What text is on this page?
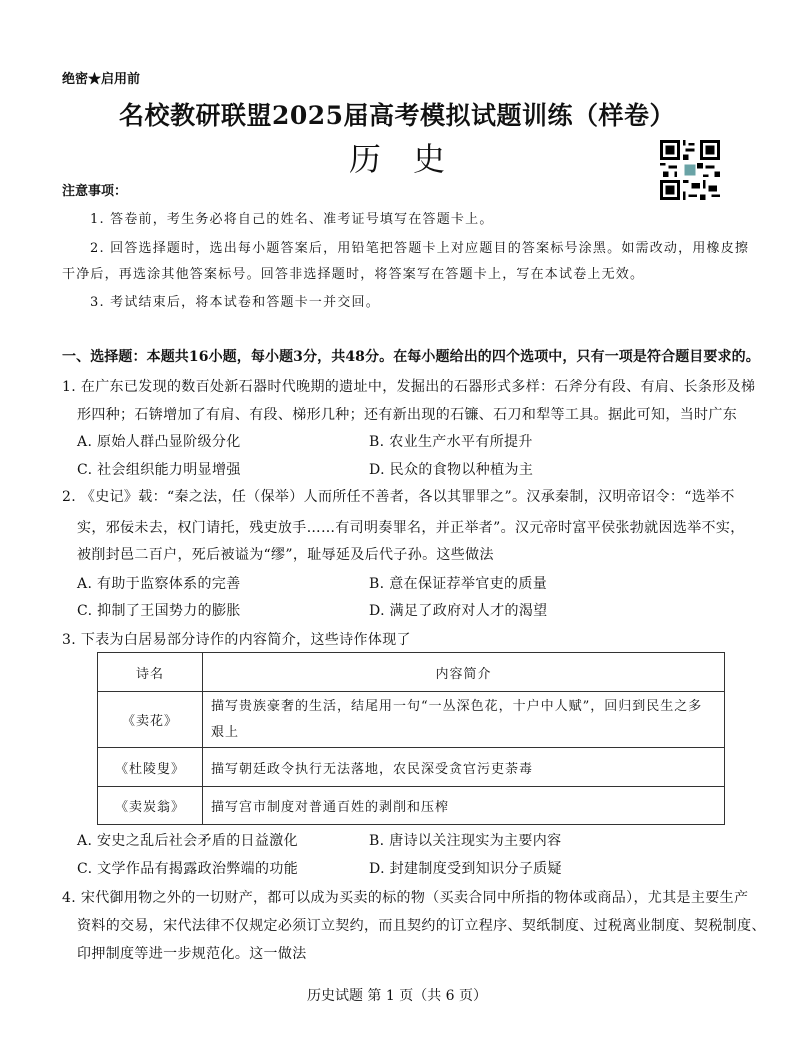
绝密★启用前
名校教研联盟2025届高考模拟试题训练（样卷）
历　史
注意事项：
1. 答卷前，考生务必将自己的姓名、准考证号填写在答题卡上。
2. 回答选择题时，选出每小题答案后，用铅笔把答题卡上对应题目的答案标号涂黑。如需改动，用橡皮擦
干净后，再选涂其他答案标号。回答非选择题时，将答案写在答题卡上，写在本试卷上无效。
3. 考试结束后，将本试卷和答题卡一并交回。
一、选择题：本题共16小题，每小题3分，共48分。在每小题给出的四个选项中，只有一项是符合题目要求的。
1. 在广东已发现的数百处新石器时代晚期的遗址中，发掘出的石器形式多样：石斧分有段、有肩、长条形及梯
形四种；石锛增加了有肩、有段、梯形几种；还有新出现的石镰、石刀和犁等工具。据此可知，当时广东
A. 原始人群凸显阶级分化	B. 农业生产水平有所提升
C. 社会组织能力明显增强	D. 民众的食物以种植为主
2. 《史记》载：“秦之法，任（保举）人而所任不善者，各以其罪罪之”。汉承秦制，汉明帝诏令：“选举不
实，邪佞未去，权门请托，残吏放手……有司明奏罪名，并正举者”。汉元帝时富平侯张勃就因选举不实，
被削封邑二百户，死后被谥为“缪”，耻辱延及后代子孙。这些做法
A. 有助于监察体系的完善	B. 意在保证荐举官吏的质量
C. 抑制了王国势力的膨胀	D. 满足了政府对人才的渴望
3. 下表为白居易部分诗作的内容简介，这些诗作体现了
诗名	内容简介
《卖花》	描写贵族豪奢的生活，结尾用一句“一丛深色花，十户中人赋”，回归到民生之多艰上
《杜陵叟》	描写朝廷政令执行无法落地，农民深受贪官污吏荼毒
《卖炭翁》	描写宫市制度对普通百姓的剥削和压榨
A. 安史之乱后社会矛盾的日益激化	B. 唐诗以关注现实为主要内容
C. 文学作品有揭露政治弊端的功能	D. 封建制度受到知识分子质疑
4. 宋代御用物之外的一切财产，都可以成为买卖的标的物（买卖合同中所指的物体或商品），尤其是主要生产
资料的交易，宋代法律不仅规定必须订立契约，而且契约的订立程序、契纸制度、过税离业制度、契税制度、
印押制度等进一步规范化。这一做法
历史试题 第 1 页（共 6 页）
